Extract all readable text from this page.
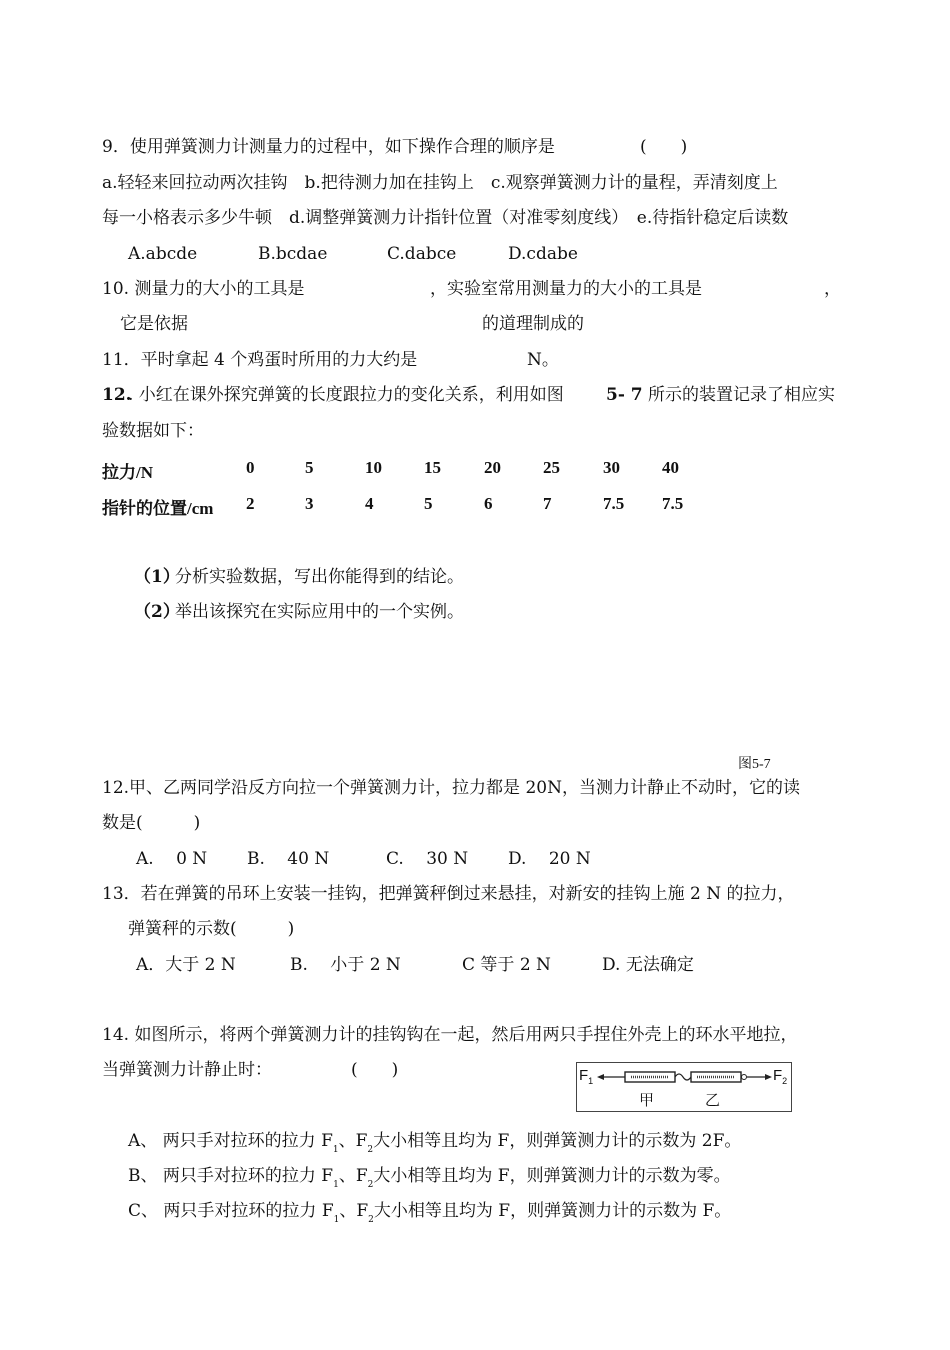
9．使用弹簧测力计测量力的过程中，如下操作合理的顺序是	(　　)
a.轻轻来回拉动两次挂钩　b.把待测力加在挂钩上　c.观察弹簧测力计的量程，弄清刻度上
每一小格表示多少牛顿　d.调整弹簧测力计指针位置（对准零刻度线）　e.待指针稳定后读数
A.abcde	B.bcdae	C.dabce	D.cdabe
10. 测量力的大小的工具是	，实验室常用测量力的大小的工具是	，
它是依据	的道理制成的
11．平时拿起 4 个鸡蛋时所用的力大约是	N。
12.
. 小红在课外探究弹簧的长度跟拉力的变化关系，利用如图 5- 7 所示的装置记录了相应实
验数据如下：
拉力/N	0	5	10 15	20 25	30 40
指针的位置/cm 2	3	4	5	6	7	7.5 7.5
（1）
分析实验数据，写出你能得到的结论。
（2）
举出该探究在实际应用中的一个实例。
图5-7
12.甲、乙两同学沿反方向拉一个弹簧测力计，拉力都是 20N，当测力计静止不动时，它的读
数是(　　　)
A.　 0 N B.　 40 N	C.　 30 N D.　 20 N
13．若在弹簧的吊环上安装一挂钩，把弹簧秤倒过来悬挂，对新安的挂钩上施 2 N 的拉力，
弹簧秤的示数(　　　)
A．大于 2 N	B.　 小于 2 N	C 等于 2 N	D. 无法确定
14. 如图所示，将两个弹簧测力计的挂钩钩在一起，然后用两只手捏住外壳上的环水平地拉，
当弹簧测力计静止时：	(　　)	$F_1$	$F_2$
甲	乙
A、 两只手对拉环的拉力 $F_1$、$F_2$大小相等且均为 F，则弹簧测力计的示数为 2F。
B、 两只手对拉环的拉力 $F_1$、$F_2$大小相等且均为 F，则弹簧测力计的示数为零。
C、 两只手对拉环的拉力 $F_1$、$F_2$大小相等且均为 F，则弹簧测力计的示数为 F。
